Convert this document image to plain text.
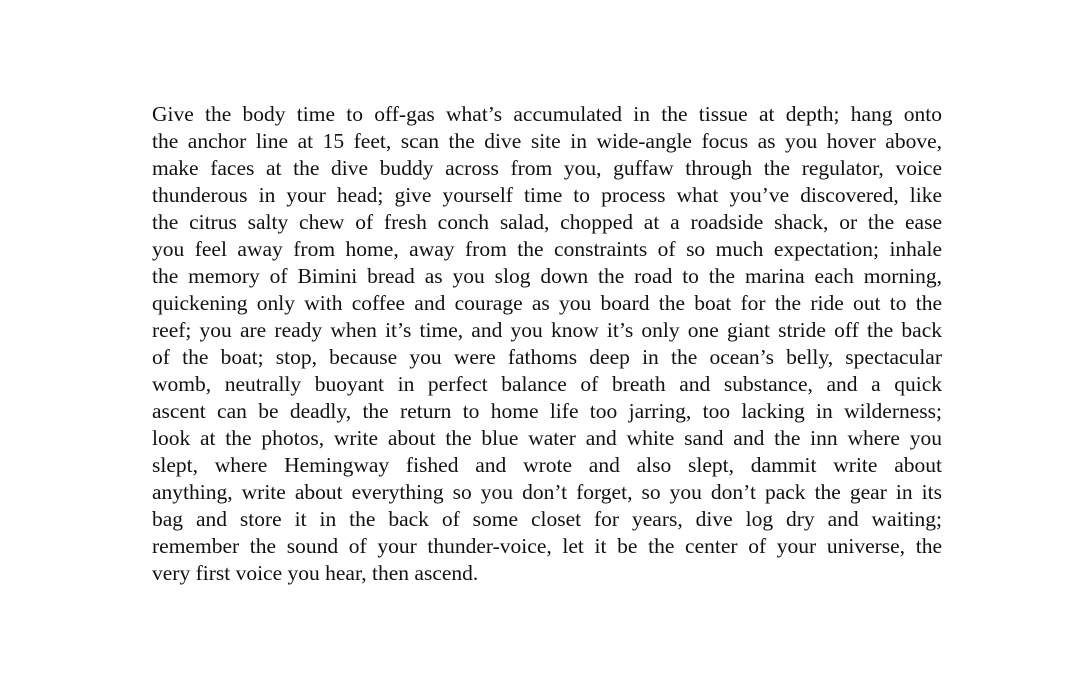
Give the body time to off-gas what’s accumulated in the tissue at depth; hang onto
the anchor line at 15 feet, scan the dive site in wide-angle focus as you hover above,
make faces at the dive buddy across from you, guffaw through the regulator, voice
thunderous in your head; give yourself time to process what you’ve discovered, like
the citrus salty chew of fresh conch salad, chopped at a roadside shack, or the ease
you feel away from home, away from the constraints of so much expectation; inhale
the memory of Bimini bread as you slog down the road to the marina each morning,
quickening only with coffee and courage as you board the boat for the ride out to the
reef; you are ready when it’s time, and you know it’s only one giant stride off the back
of the boat; stop, because you were fathoms deep in the ocean’s belly, spectacular
womb, neutrally buoyant in perfect balance of breath and substance, and a quick
ascent can be deadly, the return to home life too jarring, too lacking in wilderness;
look at the photos, write about the blue water and white sand and the inn where you
slept, where Hemingway fished and wrote and also slept, dammit write about
anything, write about everything so you don’t forget, so you don’t pack the gear in its
bag and store it in the back of some closet for years, dive log dry and waiting;
remember the sound of your thunder-voice, let it be the center of your universe, the
very first voice you hear, then ascend.
